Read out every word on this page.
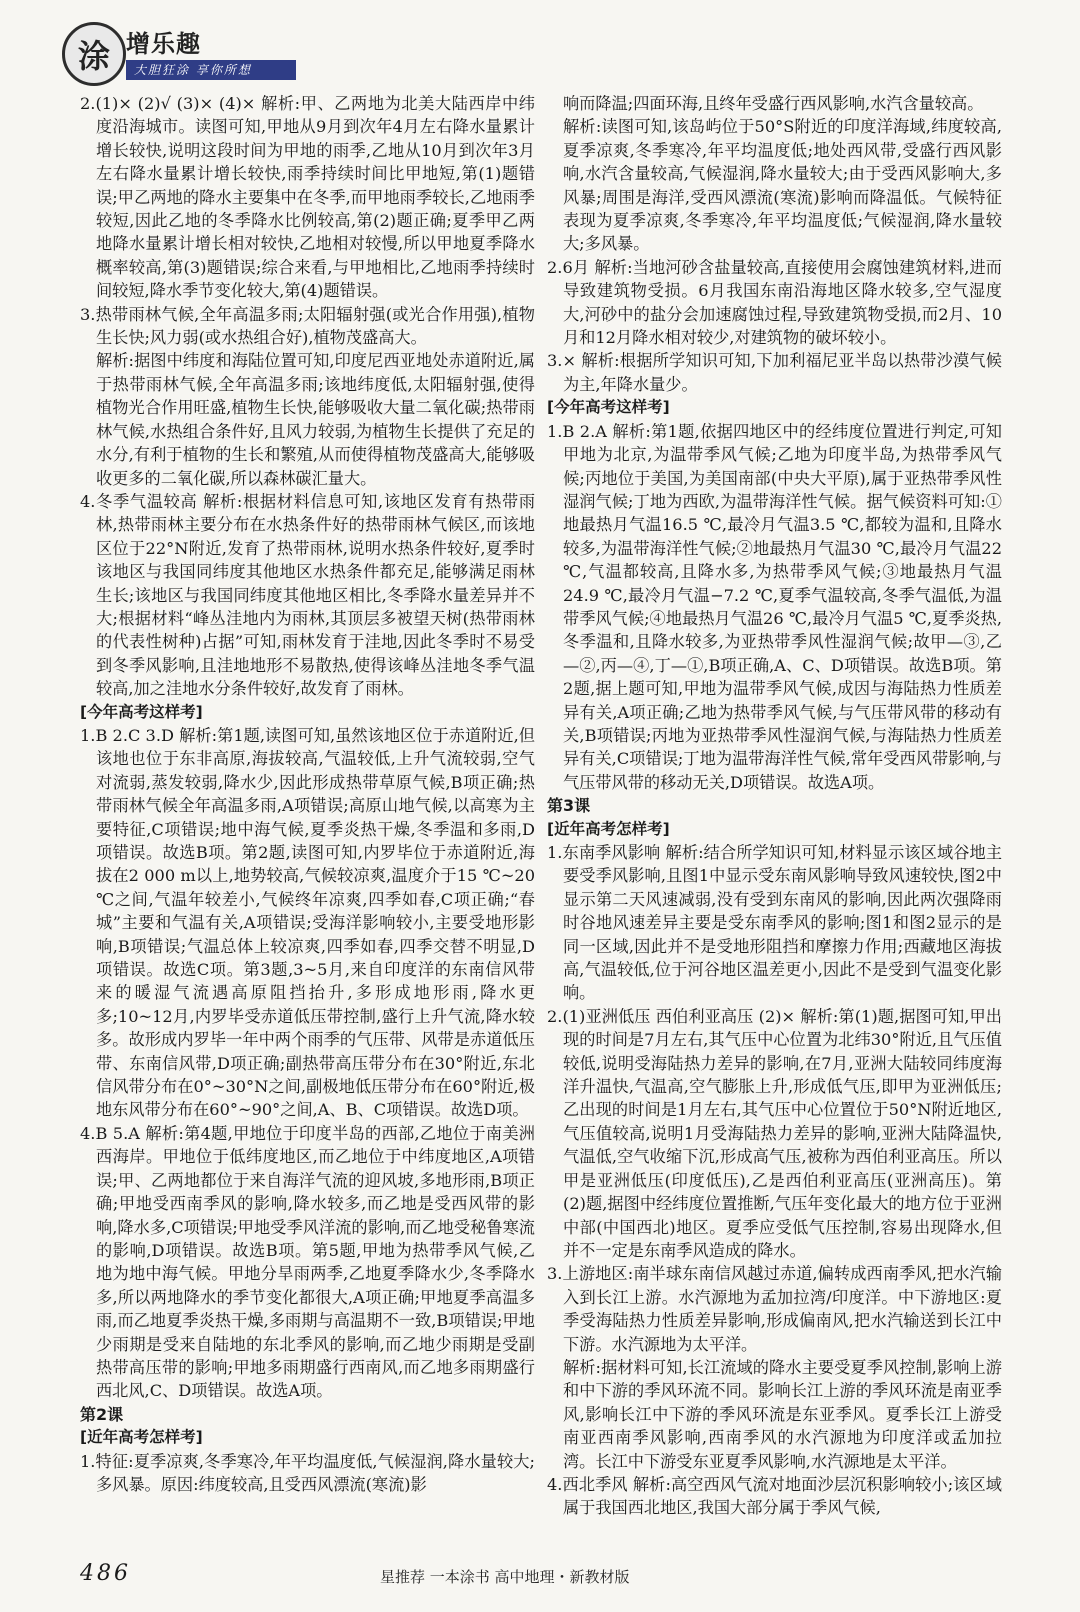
涂 增乐趣
大胆狂涂 享你所想

2.(1)× (2)√ (3)× (4)× 解析:甲、乙两地为北美大陆西岸中纬度沿海城市。读图可知,甲地从9月到次年4月左右降水量累计增长较快,说明这段时间为甲地的雨季,乙地从10月到次年3月左右降水量累计增长较快,雨季持续时间比甲地短,第(1)题错误;甲乙两地的降水主要集中在冬季,而甲地雨季较长,乙地雨季较短,因此乙地的冬季降水比例较高,第(2)题正确;夏季甲乙两地降水量累计增长相对较快,乙地相对较慢,所以甲地夏季降水概率较高,第(3)题错误;综合来看,与甲地相比,乙地雨季持续时间较短,降水季节变化较大,第(4)题错误。

3.热带雨林气候,全年高温多雨;太阳辐射强(或光合作用强),植物生长快;风力弱(或水热组合好),植物茂盛高大。

解析:据图中纬度和海陆位置可知,印度尼西亚地处赤道附近,属于热带雨林气候,全年高温多雨;该地纬度低,太阳辐射强,使得植物光合作用旺盛,植物生长快,能够吸收大量二氧化碳;热带雨林气候,水热组合条件好,且风力较弱,为植物生长提供了充足的水分,有利于植物的生长和繁殖,从而使得植物茂盛高大,能够吸收更多的二氧化碳,所以森林碳汇量大。

4.冬季气温较高 解析:根据材料信息可知,该地区发育有热带雨林,热带雨林主要分布在水热条件好的热带雨林气候区,而该地区位于22°N附近,发育了热带雨林,说明水热条件较好,夏季时该地区与我国同纬度其他地区水热条件都充足,能够满足雨林生长;该地区与我国同纬度其他地区相比,冬季降水量差异并不大;根据材料“峰丛洼地内为雨林,其顶层多被望天树(热带雨林的代表性树种)占据”可知,雨林发育于洼地,因此冬季时不易受到冬季风影响,且洼地地形不易散热,使得该峰丛洼地冬季气温较高,加之洼地水分条件较好,故发育了雨林。

[今年高考这样考]

1.B 2.C 3.D 解析:第1题,读图可知,虽然该地区位于赤道附近,但该地也位于东非高原,海拔较高,气温较低,上升气流较弱,空气对流弱,蒸发较弱,降水少,因此形成热带草原气候,B项正确;热带雨林气候全年高温多雨,A项错误;高原山地气候,以高寒为主要特征,C项错误;地中海气候,夏季炎热干燥,冬季温和多雨,D项错误。故选B项。第2题,读图可知,内罗毕位于赤道附近,海拔在2 000 m以上,地势较高,气候较凉爽,温度介于15 ℃~20 ℃之间,气温年较差小,气候终年凉爽,四季如春,C项正确;“春城”主要和气温有关,A项错误;受海洋影响较小,主要受地形影响,B项错误;气温总体上较凉爽,四季如春,四季交替不明显,D项错误。故选C项。第3题,3~5月,来自印度洋的东南信风带来的暖湿气流遇高原阻挡抬升,多形成地形雨,降水更多;10~12月,内罗毕受赤道低压带控制,盛行上升气流,降水较多。故形成内罗毕一年中两个雨季的气压带、风带是赤道低压带、东南信风带,D项正确;副热带高压带分布在30°附近,东北信风带分布在0°~30°N之间,副极地低压带分布在60°附近,极地东风带分布在60°~90°之间,A、B、C项错误。故选D项。

4.B 5.A 解析:第4题,甲地位于印度半岛的西部,乙地位于南美洲西海岸。甲地位于低纬度地区,而乙地位于中纬度地区,A项错误;甲、乙两地都位于来自海洋气流的迎风坡,多地形雨,B项正确;甲地受西南季风的影响,降水较多,而乙地是受西风带的影响,降水多,C项错误;甲地受季风洋流的影响,而乙地受秘鲁寒流的影响,D项错误。故选B项。第5题,甲地为热带季风气候,乙地为地中海气候。甲地分旱雨两季,乙地夏季降水少,冬季降水多,所以两地降水的季节变化都很大,A项正确;甲地夏季高温多雨,而乙地夏季炎热干燥,多雨期与高温期不一致,B项错误;甲地少雨期是受来自陆地的东北季风的影响,而乙地少雨期是受副热带高压带的影响;甲地多雨期盛行西南风,而乙地多雨期盛行西北风,C、D项错误。故选A项。

第2课

[近年高考怎样考]

1.特征:夏季凉爽,冬季寒冷,年平均温度低,气候湿润,降水量较大;多风暴。原因:纬度较高,且受西风漂流(寒流)影

响而降温;四面环海,且终年受盛行西风影响,水汽含量较高。

解析:读图可知,该岛屿位于50°S附近的印度洋海域,纬度较高,夏季凉爽,冬季寒冷,年平均温度低;地处西风带,受盛行西风影响,水汽含量较高,气候湿润,降水量较大;由于受西风影响大,多风暴;周围是海洋,受西风漂流(寒流)影响而降温低。气候特征表现为夏季凉爽,冬季寒冷,年平均温度低;气候湿润,降水量较大;多风暴。

2.6月 解析:当地河砂含盐量较高,直接使用会腐蚀建筑材料,进而导致建筑物受损。6月我国东南沿海地区降水较多,空气湿度大,河砂中的盐分会加速腐蚀过程,导致建筑物受损,而2月、10月和12月降水相对较少,对建筑物的破坏较小。

3.× 解析:根据所学知识可知,下加利福尼亚半岛以热带沙漠气候为主,年降水量少。

[今年高考这样考]

1.B 2.A 解析:第1题,依据四地区中的经纬度位置进行判定,可知甲地为北京,为温带季风气候;乙地为印度半岛,为热带季风气候;丙地位于美国,为美国南部(中央大平原),属于亚热带季风性湿润气候;丁地为西欧,为温带海洋性气候。据气候资料可知:①地最热月气温16.5 ℃,最冷月气温3.5 ℃,都较为温和,且降水较多,为温带海洋性气候;②地最热月气温30 ℃,最冷月气温22 ℃,气温都较高,且降水多,为热带季风气候;③地最热月气温24.9 ℃,最冷月气温−7.2 ℃,夏季气温较高,冬季气温低,为温带季风气候;④地最热月气温26 ℃,最冷月气温5 ℃,夏季炎热,冬季温和,且降水较多,为亚热带季风性湿润气候;故甲—③,乙—②,丙—④,丁—①,B项正确,A、C、D项错误。故选B项。第2题,据上题可知,甲地为温带季风气候,成因与海陆热力性质差异有关,A项正确;乙地为热带季风气候,与气压带风带的移动有关,B项错误;丙地为亚热带季风性湿润气候,与海陆热力性质差异有关,C项错误;丁地为温带海洋性气候,常年受西风带影响,与气压带风带的移动无关,D项错误。故选A项。

第3课

[近年高考怎样考]

1.东南季风影响 解析:结合所学知识可知,材料显示该区域谷地主要受季风影响,且图1中显示受东南风影响导致风速较快,图2中显示第二天风速减弱,没有受到东南风的影响,因此两次强降雨时谷地风速差异主要是受东南季风的影响;图1和图2显示的是同一区域,因此并不是受地形阻挡和摩擦力作用;西藏地区海拔高,气温较低,位于河谷地区温差更小,因此不是受到气温变化影响。

2.(1)亚洲低压 西伯利亚高压 (2)× 解析:第(1)题,据图可知,甲出现的时间是7月左右,其气压中心位置为北纬30°附近,且气压值较低,说明受海陆热力差异的影响,在7月,亚洲大陆较同纬度海洋升温快,气温高,空气膨胀上升,形成低气压,即甲为亚洲低压;乙出现的时间是1月左右,其气压中心位置位于50°N附近地区,气压值较高,说明1月受海陆热力差异的影响,亚洲大陆降温快,气温低,空气收缩下沉,形成高气压,被称为西伯利亚高压。所以甲是亚洲低压(印度低压),乙是西伯利亚高压(亚洲高压)。第(2)题,据图中经纬度位置推断,气压年变化最大的地方位于亚洲中部(中国西北)地区。夏季应受低气压控制,容易出现降水,但并不一定是东南季风造成的降水。

3.上游地区:南半球东南信风越过赤道,偏转成西南季风,把水汽输入到长江上游。水汽源地为孟加拉湾/印度洋。中下游地区:夏季受海陆热力性质差异影响,形成偏南风,把水汽输送到长江中下游。水汽源地为太平洋。

解析:据材料可知,长江流域的降水主要受夏季风控制,影响上游和中下游的季风环流不同。影响长江上游的季风环流是南亚季风,影响长江中下游的季风环流是东亚季风。夏季长江上游受南亚西南季风影响,西南季风的水汽源地为印度洋或孟加拉湾。长江中下游受东亚夏季风影响,水汽源地是太平洋。

4.西北季风 解析:高空西风气流对地面沙层沉积影响较小;该区域属于我国西北地区,我国大部分属于季风气候,

486	星推荐 一本涂书 高中地理・新教材版
